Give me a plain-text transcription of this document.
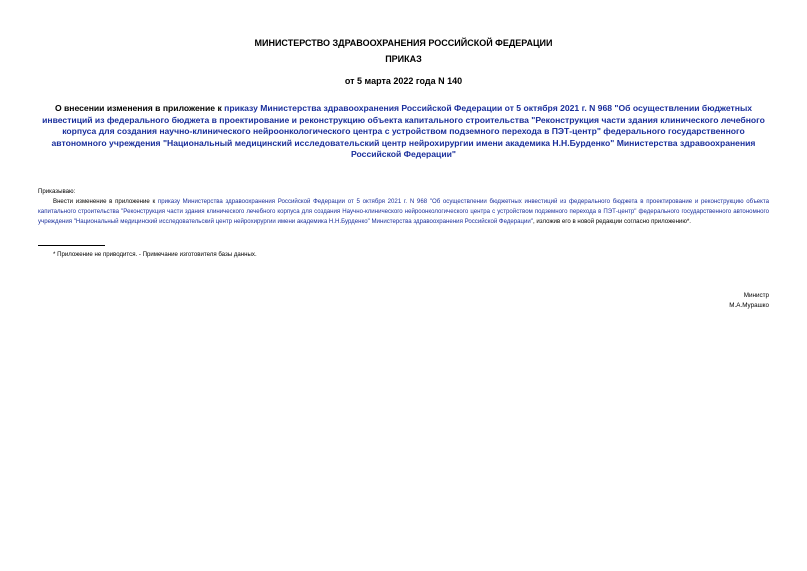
МИНИСТЕРСТВО ЗДРАВООХРАНЕНИЯ РОССИЙСКОЙ ФЕДЕРАЦИИ
ПРИКАЗ
от 5 марта 2022 года N 140
О внесении изменения в приложение к приказу Министерства здравоохранения Российской Федерации от 5 октября 2021 г. N 968 "Об осуществлении бюджетных инвестиций из федерального бюджета в проектирование и реконструкцию объекта капитального строительства "Реконструкция части здания клинического лечебного корпуса для создания научно-клинического нейроонкологического центра с устройством подземного перехода в ПЭТ-центр" федерального государственного автономного учреждения "Национальный медицинский исследовательский центр нейрохирургии имени академика Н.Н.Бурденко" Министерства здравоохранения Российской Федерации"
Приказываю:
Внести изменение в приложение к приказу Министерства здравоохранения Российской Федерации от 5 октября 2021 г. N 968 "Об осуществлении бюджетных инвестиций из федерального бюджета в проектирование и реконструкцию объекта капитального строительства "Реконструкция части здания клинического лечебного корпуса для создания Научно-клинического нейроонкологического центра с устройством подземного перехода в ПЭТ-центр" федерального государственного автономного учреждения "Национальный медицинский исследовательский центр нейрохирургии имени академика Н.Н.Бурденко" Министерства здравоохранения Российской Федерации", изложив его в новой редакции согласно приложению*.
* Приложение не приводится. - Примечание изготовителя базы данных.
Министр
М.А.Мурашко
